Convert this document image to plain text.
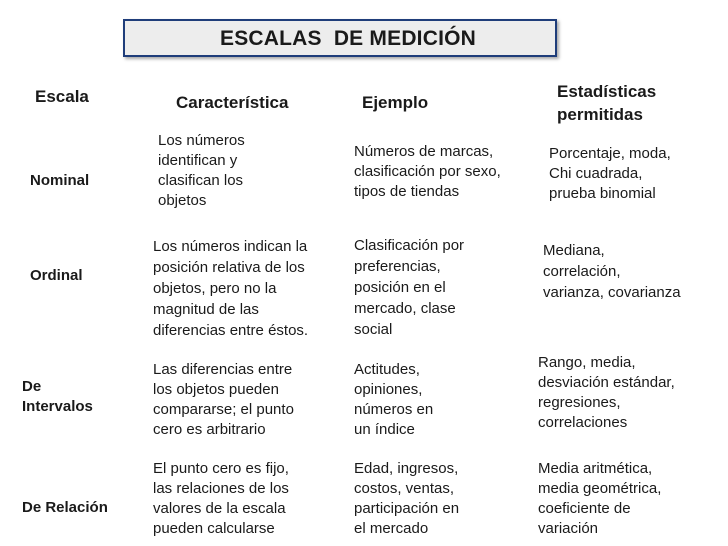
ESCALAS  DE MEDICIÓN
Escala	Característica	Ejemplo
Estadísticas
permitidas
Nominal
Los números
identifican y
clasifican los
objetos
Números de marcas,
clasificación por sexo,
tipos de tiendas
Porcentaje, moda,
Chi cuadrada,
prueba binomial
Ordinal
Los números indican la
posición relativa de los
objetos, pero no la
magnitud de las
diferencias entre éstos.
Clasificación por
preferencias,
posición en el
mercado, clase
social
Mediana,
correlación,
varianza, covarianza
De
Intervalos
Las diferencias entre
los objetos pueden
compararse; el punto
cero es arbitrario
Actitudes,
opiniones,
números en
un índice
Rango, media,
desviación estándar,
regresiones,
correlaciones
De Relación
El punto cero es fijo,
las relaciones de los
valores de la escala
pueden calcularse
Edad, ingresos,
costos, ventas,
participación en
el mercado
Media aritmética,
media geométrica,
coeficiente de
variación
